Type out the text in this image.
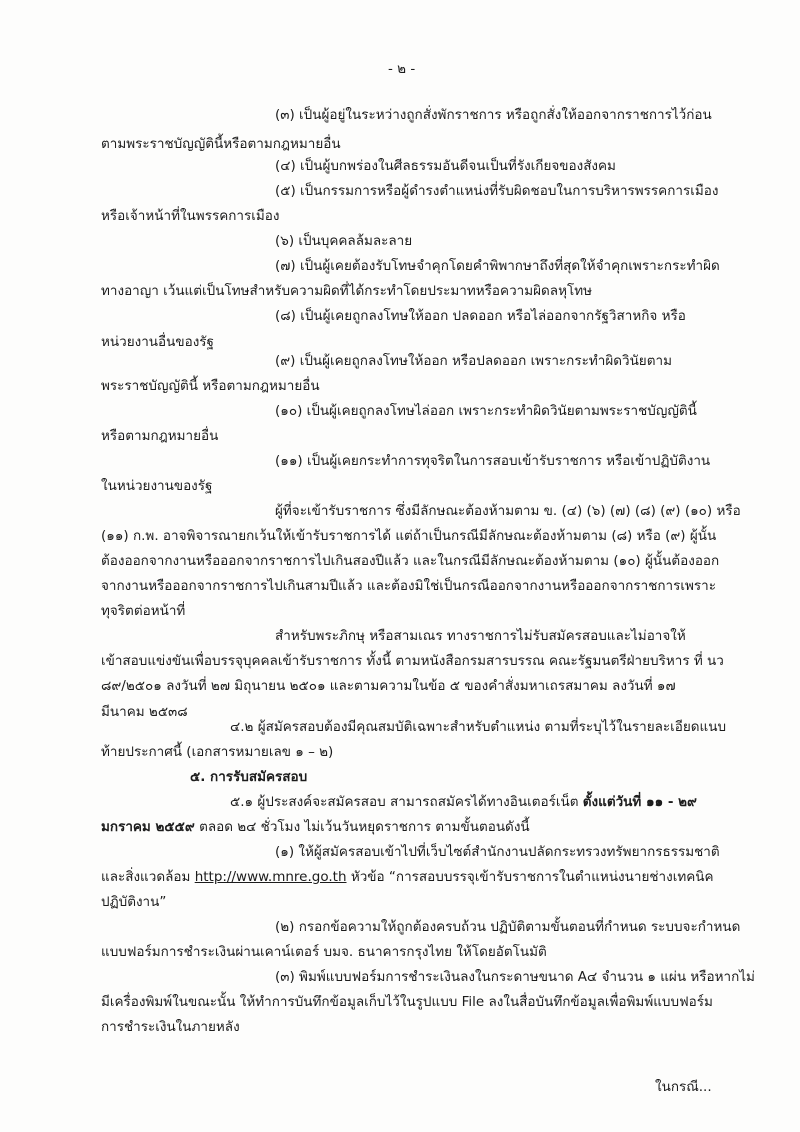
- ๒ -
(๓) เป็นผู้อยู่ในระหว่างถูกสั่งพักราชการ หรือถูกสั่งให้ออกจากราชการไว้ก่อน
ตามพระราชบัญญัตินี้หรือตามกฎหมายอื่น
(๔) เป็นผู้บกพร่องในศีลธรรมอันดีจนเป็นที่รังเกียจของสังคม
(๕) เป็นกรรมการหรือผู้ดำรงตำแหน่งที่รับผิดชอบในการบริหารพรรคการเมือง
หรือเจ้าหน้าที่ในพรรคการเมือง
(๖) เป็นบุคคลล้มละลาย
(๗) เป็นผู้เคยต้องรับโทษจำคุกโดยคำพิพากษาถึงที่สุดให้จำคุกเพราะกระทำผิด
ทางอาญา เว้นแต่เป็นโทษสำหรับความผิดที่ได้กระทำโดยประมาทหรือความผิดลหุโทษ
(๘) เป็นผู้เคยถูกลงโทษให้ออก ปลดออก หรือไล่ออกจากรัฐวิสาหกิจ หรือ
หน่วยงานอื่นของรัฐ
(๙) เป็นผู้เคยถูกลงโทษให้ออก หรือปลดออก เพราะกระทำผิดวินัยตาม
พระราชบัญญัตินี้ หรือตามกฎหมายอื่น
(๑๐) เป็นผู้เคยถูกลงโทษไล่ออก เพราะกระทำผิดวินัยตามพระราชบัญญัตินี้
หรือตามกฎหมายอื่น
(๑๑) เป็นผู้เคยกระทำการทุจริตในการสอบเข้ารับราชการ หรือเข้าปฏิบัติงาน
ในหน่วยงานของรัฐ
ผู้ที่จะเข้ารับราชการ ซึ่งมีลักษณะต้องห้ามตาม ข. (๔) (๖) (๗) (๘) (๙) (๑๐) หรือ
(๑๑) ก.พ. อาจพิจารณายกเว้นให้เข้ารับราชการได้ แต่ถ้าเป็นกรณีมีลักษณะต้องห้ามตาม (๘) หรือ (๙) ผู้นั้น
ต้องออกจากงานหรือออกจากราชการไปเกินสองปีแล้ว และในกรณีมีลักษณะต้องห้ามตาม (๑๐) ผู้นั้นต้องออก
จากงานหรือออกจากราชการไปเกินสามปีแล้ว และต้องมิใช่เป็นกรณีออกจากงานหรือออกจากราชการเพราะ
ทุจริตต่อหน้าที่
สำหรับพระภิกษุ หรือสามเณร ทางราชการไม่รับสมัครสอบและไม่อาจให้
เข้าสอบแข่งขันเพื่อบรรจุบุคคลเข้ารับราชการ ทั้งนี้ ตามหนังสือกรมสารบรรณ คณะรัฐมนตรีฝ่ายบริหาร ที่ นว
๘๙/๒๕๐๑ ลงวันที่ ๒๗ มิถุนายน ๒๕๐๑ และตามความในข้อ ๕ ของคำสั่งมหาเถรสมาคม ลงวันที่ ๑๗
มีนาคม ๒๕๓๘
๔.๒ ผู้สมัครสอบต้องมีคุณสมบัติเฉพาะสำหรับตำแหน่ง ตามที่ระบุไว้ในรายละเอียดแนบ
ท้ายประกาศนี้ (เอกสารหมายเลข ๑ – ๒)
๕. การรับสมัครสอบ
๕.๑ ผู้ประสงค์จะสมัครสอบ สามารถสมัครได้ทางอินเตอร์เน็ต ตั้งแต่วันที่ ๑๑ - ๒๙
มกราคม ๒๕๕๙ ตลอด ๒๔ ชั่วโมง ไม่เว้นวันหยุดราชการ ตามขั้นตอนดังนี้
(๑) ให้ผู้สมัครสอบเข้าไปที่เว็บไซต์สำนักงานปลัดกระทรวงทรัพยากรธรรมชาติ
และสิ่งแวดล้อม http://www.mnre.go.th หัวข้อ “การสอบบรรจุเข้ารับราชการในตำแหน่งนายช่างเทคนิค
ปฏิบัติงาน”
(๒) กรอกข้อความให้ถูกต้องครบถ้วน ปฏิบัติตามขั้นตอนที่กำหนด ระบบจะกำหนด
แบบฟอร์มการชำระเงินผ่านเคาน์เตอร์ บมจ. ธนาคารกรุงไทย ให้โดยอัตโนมัติ
(๓) พิมพ์แบบฟอร์มการชำระเงินลงในกระดาษขนาด A๔ จำนวน ๑ แผ่น หรือหากไม่
มีเครื่องพิมพ์ในขณะนั้น ให้ทำการบันทึกข้อมูลเก็บไว้ในรูปแบบ File ลงในสื่อบันทึกข้อมูลเพื่อพิมพ์แบบฟอร์ม
การชำระเงินในภายหลัง
ในกรณี...
